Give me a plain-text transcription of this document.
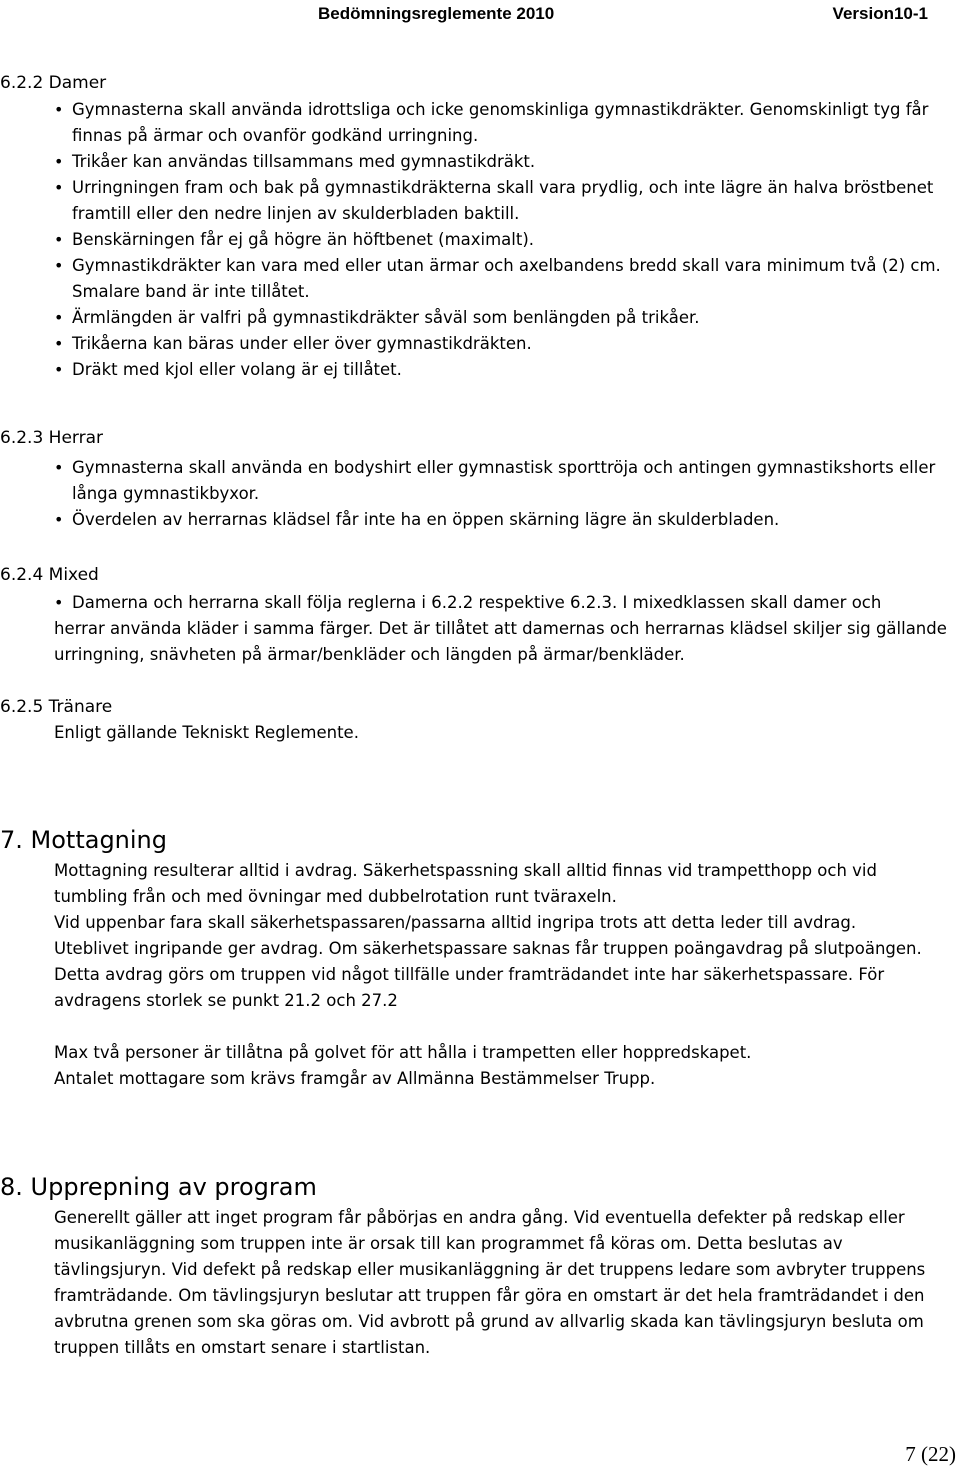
Bedömningsreglemente 2010	Version10-1
6.2.2 Damer
• Gymnasterna skall använda idrottsliga och icke genomskinliga gymnastikdräkter. Genomskinligt tyg får finnas på ärmar och ovanför godkänd urringning.
• Trikåer kan användas tillsammans med gymnastikdräkt.
• Urringningen fram och bak på gymnastikdräkterna skall vara prydlig, och inte lägre än halva bröstbenet framtill eller den nedre linjen av skulderbladen baktill.
• Benskärningen får ej gå högre än höftbenet (maximalt).
• Gymnastikdräkter kan vara med eller utan ärmar och axelbandens bredd skall vara minimum två (2) cm. Smalare band är inte tillåtet.
• Ärmlängden är valfri på gymnastikdräkter såväl som benlängden på trikåer.
• Trikåerna kan bäras under eller över gymnastikdräkten.
• Dräkt med kjol eller volang är ej tillåtet.
6.2.3 Herrar
• Gymnasterna skall använda en bodyshirt eller gymnastisk sporttröja och antingen gymnastikshorts eller långa gymnastikbyxor.
• Överdelen av herrarnas klädsel får inte ha en öppen skärning lägre än skulderbladen.
6.2.4 Mixed
• Damerna och herrarna skall följa reglerna i 6.2.2 respektive 6.2.3. I mixedklassen skall damer och

herrar använda kläder i samma färger. Det är tillåtet att damernas och herrarnas klädsel skiljer sig gällande urringning, snävheten på ärmar/benkläder och längden på ärmar/benkläder.

6.2.5 Tränare

Enligt gällande Tekniskt Reglemente.

7. Mottagning

Mottagning resulterar alltid i avdrag. Säkerhetspassning skall alltid finnas vid trampetthopp och vid tumbling från och med övningar med dubbelrotation runt tväraxeln.

Vid uppenbar fara skall säkerhetspassaren/passarna alltid ingripa trots att detta leder till avdrag.

Uteblivet ingripande ger avdrag. Om säkerhetspassare saknas får truppen poängavdrag på slutpoängen. Detta avdrag görs om truppen vid något tillfälle under framträdandet inte har säkerhetspassare. För avdragens storlek se punkt 21.2 och 27.2

Max två personer är tillåtna på golvet för att hålla i trampetten eller hoppredskapet.

Antalet mottagare som krävs framgår av Allmänna Bestämmelser Trupp.

8. Upprepning av program

Generellt gäller att inget program får påbörjas en andra gång. Vid eventuella defekter på redskap eller musikanläggning som truppen inte är orsak till kan programmet få köras om. Detta beslutas av tävlingsjuryn. Vid defekt på redskap eller musikanläggning är det truppens ledare som avbryter truppens framträdande. Om tävlingsjuryn beslutar att truppen får göra en omstart är det hela framträdandet i den avbrutna grenen som ska göras om. Vid avbrott på grund av allvarlig skada kan tävlingsjuryn besluta om truppen tillåts en omstart senare i startlistan.

7 (22)
